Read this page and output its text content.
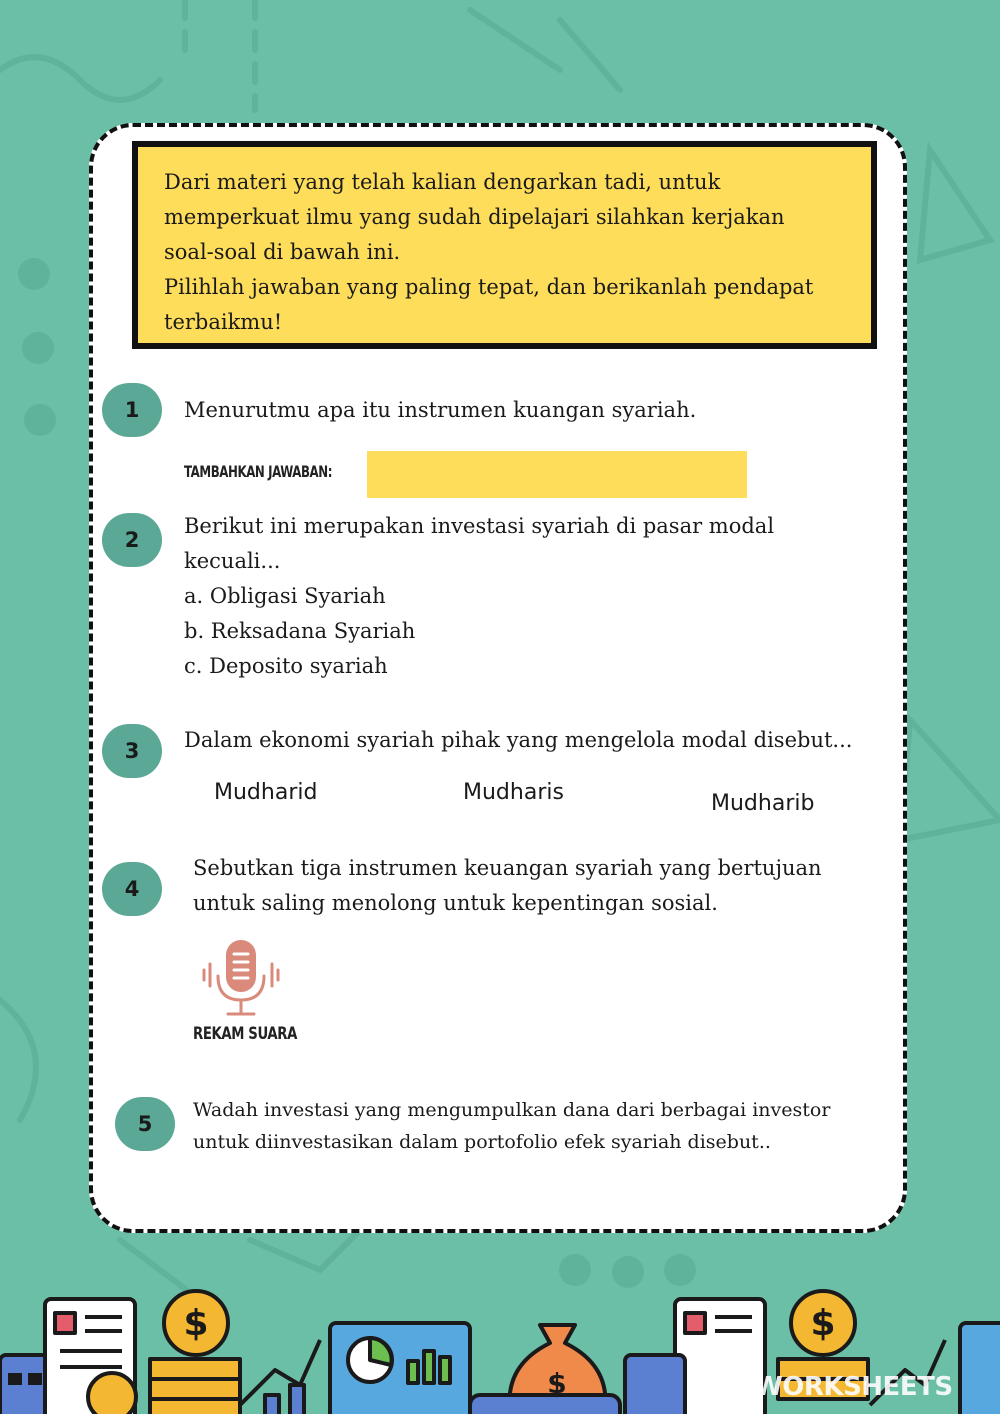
Dari materi yang telah kalian dengarkan tadi, untuk
memperkuat ilmu yang sudah dipelajari silahkan kerjakan
soal-soal di bawah ini.
Pilihlah jawaban yang paling tepat, dan berikanlah pendapat
terbaikmu!
1	Menurutmu apa itu instrumen kuangan syariah.
TAMBAHKAN JAWABAN:
2
Berikut ini merupakan investasi syariah di pasar modal
kecuali...
a. Obligasi Syariah
b. Reksadana Syariah
c. Deposito syariah
3	Dalam ekonomi syariah pihak yang mengelola modal disebut...
Mudharid	Mudharis	Mudharib
4
Sebutkan tiga instrumen keuangan syariah yang bertujuan
untuk saling menolong untuk kepentingan sosial.
REKAM SUARA
5
Wadah investasi yang mengumpulkan dana dari berbagai investor
untuk diinvestasikan dalam portofolio efek syariah disebut..
$	$
$	LIVEWORKSHEETS
